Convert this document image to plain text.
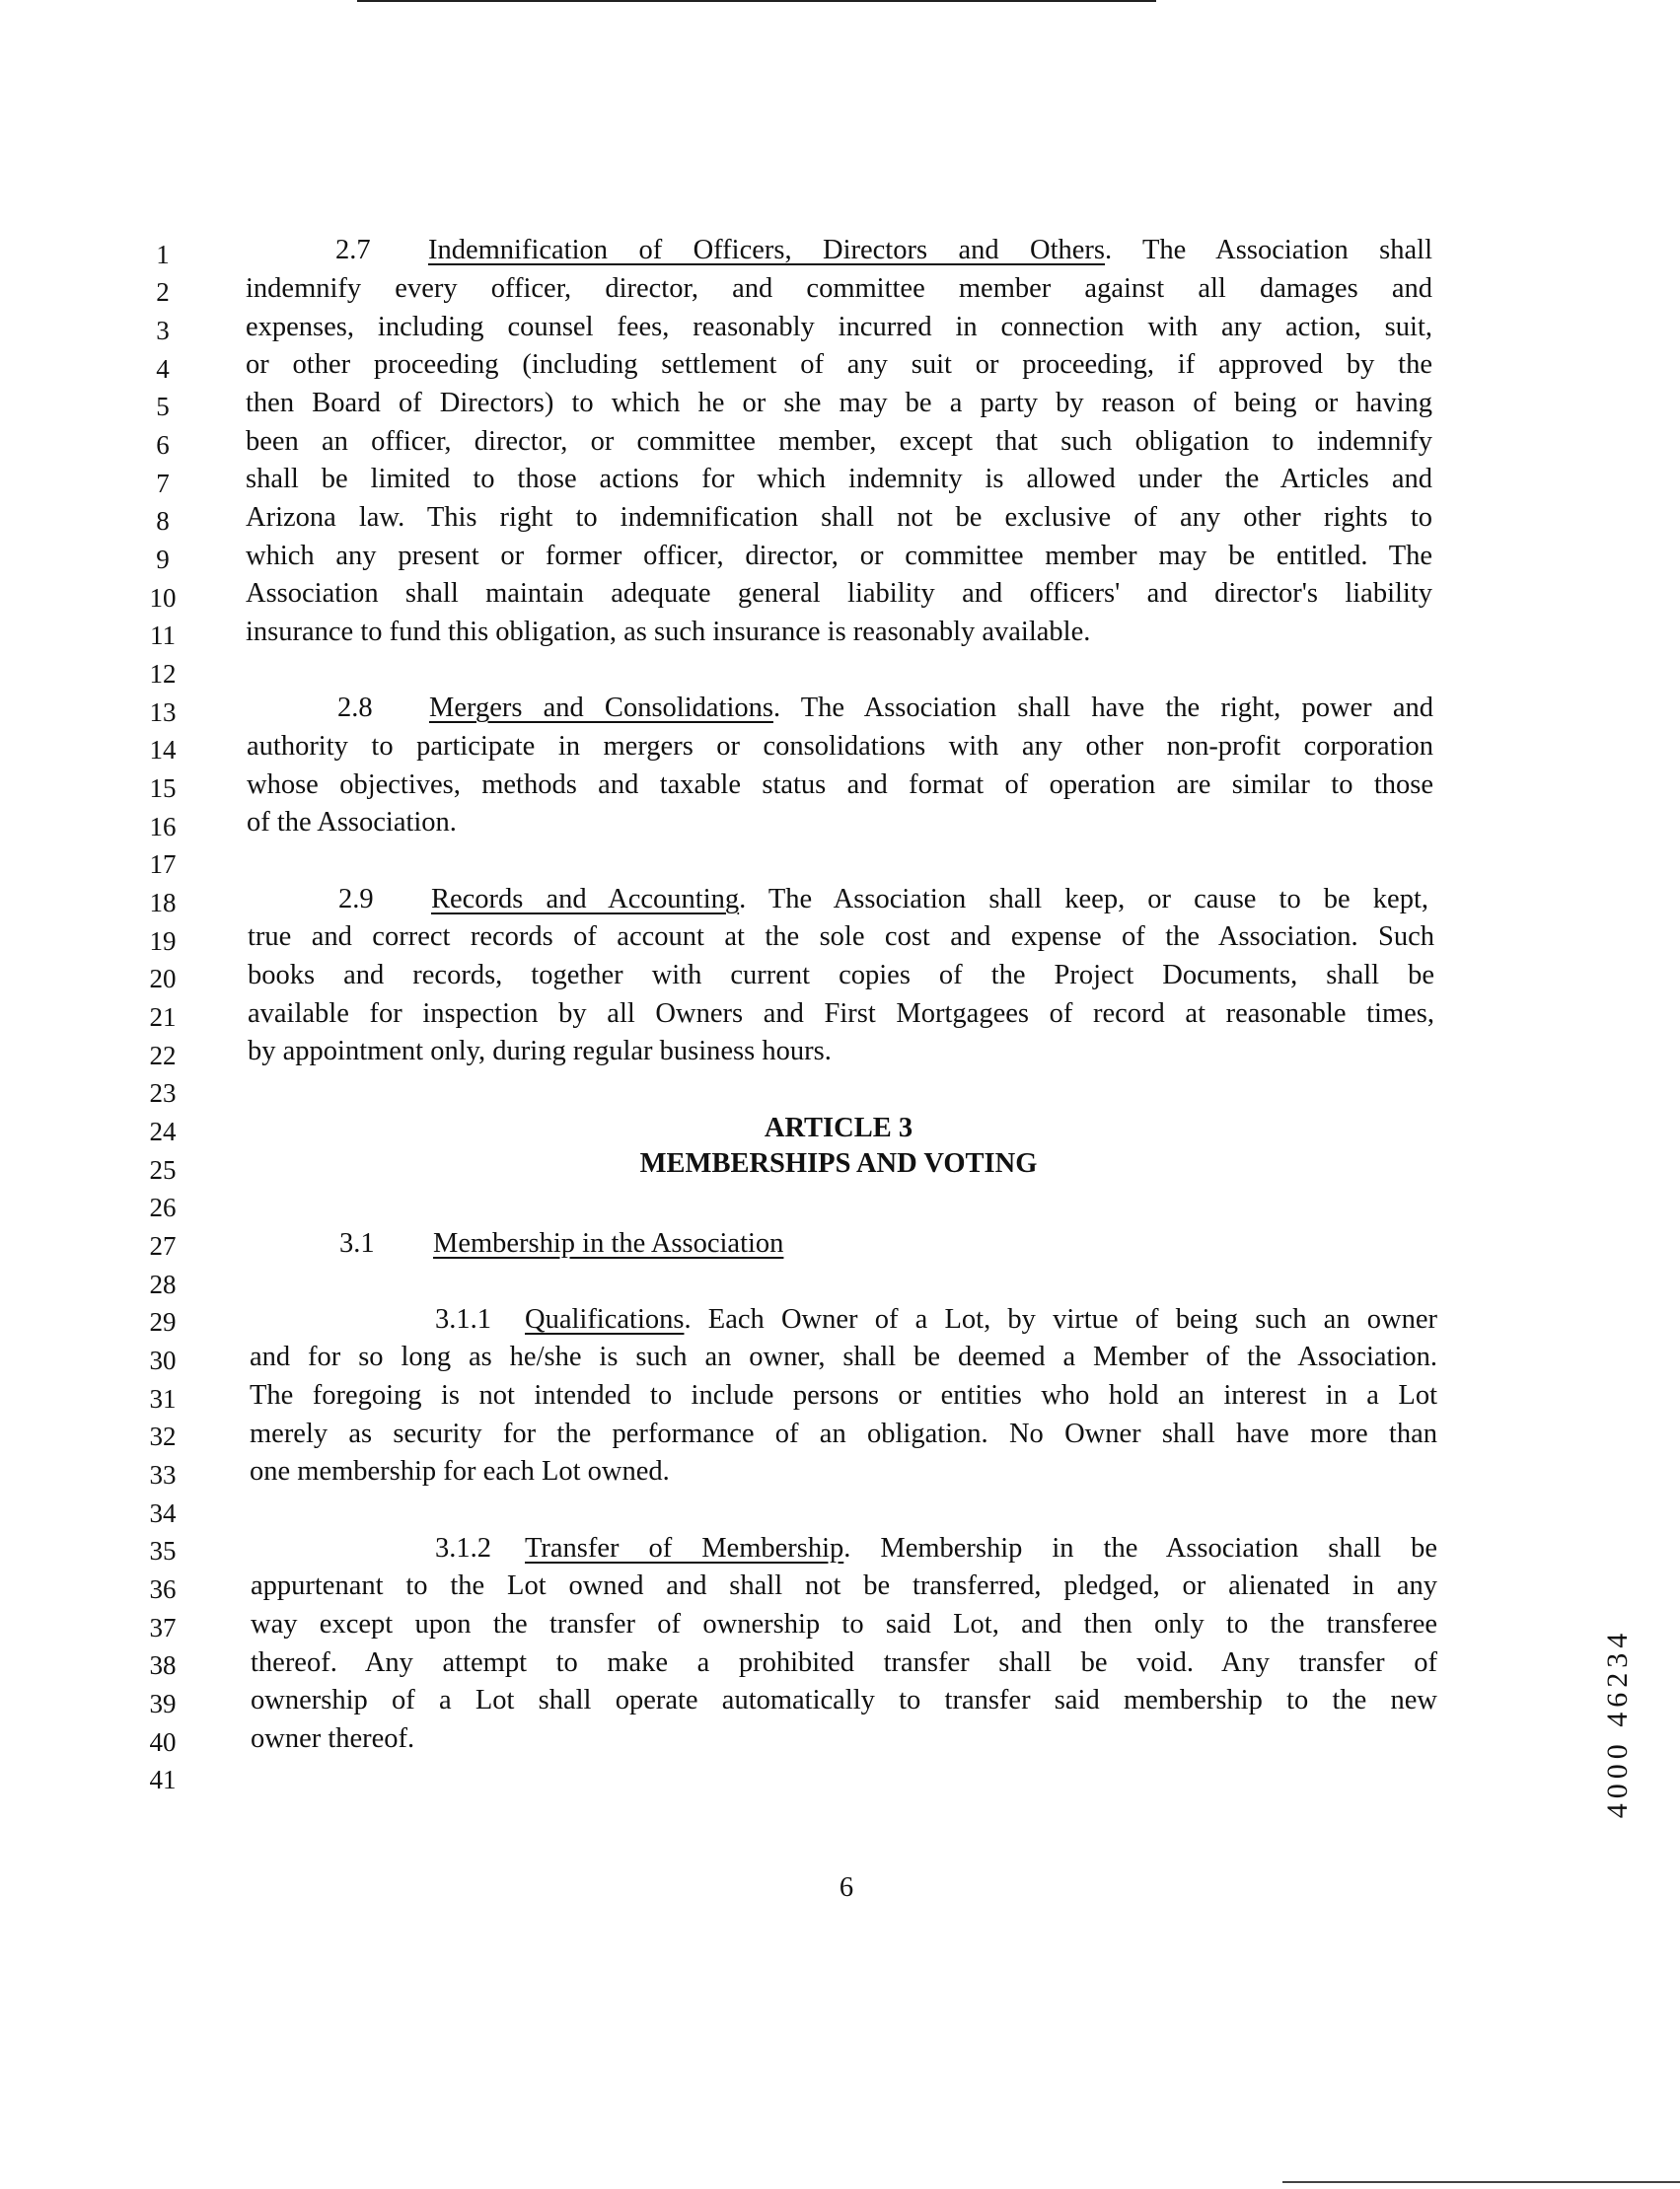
1
2
3
4
5
6
7
8
9
10
11
12
13
14
15
16
17
18
19
20
21
22
23
24
25
26
27
28
29
30
31
32
33
34
35
36
37
38
39
40
41
2.7 Indemnification of Officers, Directors and Others. The Association shall
indemnify every officer, director, and committee member against all damages and
expenses, including counsel fees, reasonably incurred in connection with any action, suit,
or other proceeding (including settlement of any suit or proceeding, if approved by the
then Board of Directors) to which he or she may be a party by reason of being or having
been an officer, director, or committee member, except that such obligation to indemnify
shall be limited to those actions for which indemnity is allowed under the Articles and
Arizona law. This right to indemnification shall not be exclusive of any other rights to
which any present or former officer, director, or committee member may be entitled. The
Association shall maintain adequate general liability and officers' and director's liability
insurance to fund this obligation, as such insurance is reasonably available.
2.8 Mergers and Consolidations. The Association shall have the right, power and
authority to participate in mergers or consolidations with any other non-profit corporation
whose objectives, methods and taxable status and format of operation are similar to those
of the Association.
2.9 Records and Accounting. The Association shall keep, or cause to be kept,
true and correct records of account at the sole cost and expense of the Association. Such
books and records, together with current copies of the Project Documents, shall be
available for inspection by all Owners and First Mortgagees of record at reasonable times,
by appointment only, during regular business hours.
ARTICLE 3
MEMBERSHIPS AND VOTING
3.1 Membership in the Association
3.1.1 Qualifications. Each Owner of a Lot, by virtue of being such an owner
and for so long as he/she is such an owner, shall be deemed a Member of the Association.
The foregoing is not intended to include persons or entities who hold an interest in a Lot
merely as security for the performance of an obligation. No Owner shall have more than
one membership for each Lot owned.
3.1.2 Transfer of Membership. Membership in the Association shall be
appurtenant to the Lot owned and shall not be transferred, pledged, or alienated in any
way except upon the transfer of ownership to said Lot, and then only to the transferee
thereof. Any attempt to make a prohibited transfer shall be void. Any transfer of
ownership of a Lot shall operate automatically to transfer said membership to the new
owner thereof.
6
4000 46234
